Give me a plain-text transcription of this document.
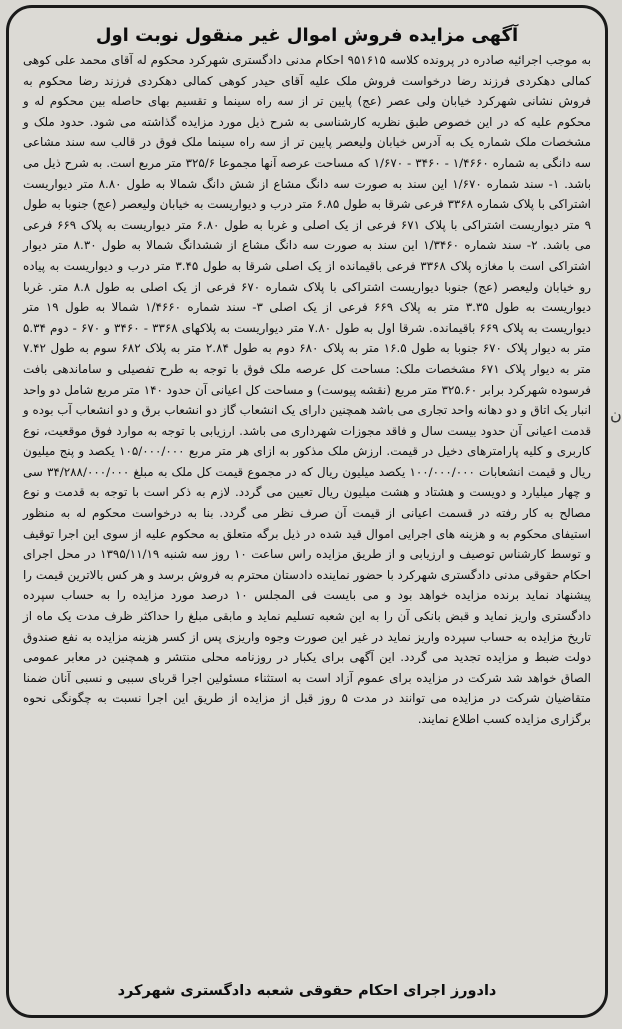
آگهی مزایده فروش اموال غیر منقول نوبت اول

به موجب اجرائیه صادره در پرونده کلاسه ۹۵۱۶۱۵ احکام مدنی دادگستری شهرکرد محکوم له آقای محمد علی کوهی کمالی دهکردی فرزند رضا درخواست فروش ملک علیه آقای حیدر کوهی کمالی دهکردی فرزند رضا محکوم به فروش نشانی شهرکرد خیابان ولی عصر (عج) پایین تر از سه راه سینما و تقسیم بهای حاصله بین محکوم له و محکوم علیه که در این خصوص طبق نظریه کارشناسی به شرح ذیل مورد مزایده گذاشته می شود. حدود ملک و مشخصات ملک شماره یک به آدرس خیابان ولیعصر پایین تر از سه راه سینما ملک فوق در قالب سه سند مشاعی سه دانگی به شماره ۱/۴۶۶۰ - ۳۴۶۰ - ۱/۶۷۰ که مساحت عرصه آنها مجموعا ۳۲۵/۶ متر مربع است. به شرح ذیل می باشد. ۱- سند شماره ۱/۶۷۰ این سند به صورت سه دانگ مشاع از شش دانگ شمالا به طول ۸.۸۰ متر دیواریست اشتراکی با پلاک شماره ۳۳۶۸ فرعی شرقا به طول ۶.۸۵ متر درب و دیواریست به خیابان ولیعصر (عج) جنوبا به طول ۹ متر دیواریست اشتراکی با پلاک ۶۷۱ فرعی از یک اصلی و غربا به طول ۶.۸۰ متر دیواریست به پلاک ۶۶۹ فرعی می باشد. ۲- سند شماره ۱/۳۴۶۰ این سند به صورت سه دانگ مشاع از ششدانگ شمالا به طول ۸.۳۰ متر دیوار اشتراکی است با مغازه پلاک ۳۳۶۸ فرعی باقیمانده از یک اصلی شرقا به طول ۳.۴۵ متر درب و دیواریست به پیاده رو خیابان ولیعصر (عج) جنوبا دیواریست اشتراکی با پلاک شماره ۶۷۰ فرعی از یک اصلی به طول ۸.۸ متر. غربا دیواریست به طول ۳.۳۵ متر به پلاک ۶۶۹ فرعی از یک اصلی ۳- سند شماره ۱/۴۶۶۰ شمالا به طول ۱۹ متر دیواریست به پلاک ۶۶۹ باقیمانده. شرقا اول به طول ۷.۸۰ متر دیواریست به پلاکهای ۳۳۶۸ - ۳۴۶۰ و ۶۷۰ - دوم ۵.۳۴ متر به دیوار پلاک ۶۷۰ جنوبا به طول ۱۶.۵ متر به پلاک ۶۸۰ دوم به طول ۲.۸۴ متر به پلاک ۶۸۲ سوم به طول ۷.۴۲ متر به دیوار پلاک ۶۷۱ مشخصات ملک: مساحت کل عرصه ملک فوق با توجه به طرح تفصیلی و ساماندهی بافت فرسوده شهرکرد برابر ۳۲۵.۶۰ متر مربع (نقشه پیوست) و مساحت کل اعیانی آن حدود ۱۴۰ متر مربع شامل دو واحد انبار یک اتاق و دو دهانه واحد تجاری می باشد همچنین دارای یک انشعاب گاز دو انشعاب برق و دو انشعاب آب بوده و قدمت اعیانی آن حدود بیست سال و فاقد مجوزات شهرداری می باشد. ارزیابی با توجه به موارد فوق موقعیت، نوع کاربری و کلیه پارامترهای دخیل در قیمت. ارزش ملک مذکور به ازای هر متر مربع ۱۰۵/۰۰۰/۰۰۰ یکصد و پنج میلیون ریال و قیمت انشعابات ۱۰۰/۰۰۰/۰۰۰ یکصد میلیون ریال که در مجموع قیمت کل ملک به مبلغ ۳۴/۲۸۸/۰۰۰/۰۰۰ سی و چهار میلیارد و دویست و هشتاد و هشت میلیون ریال تعیین می گردد. لازم به ذکر است با توجه به قدمت و نوع مصالح به کار رفته در قسمت اعیانی از قیمت آن صرف نظر می گردد. بنا به درخواست محکوم له به منظور استیفای محکوم به و هزینه های اجرایی اموال قید شده در ذیل برگه متعلق به محکوم علیه از سوی این اجرا توقیف و توسط کارشناس توصیف و ارزیابی و از طریق مزایده راس ساعت ۱۰ روز سه شنبه ۱۳۹۵/۱۱/۱۹ در محل اجرای احکام حقوقی مدنی دادگستری شهرکرد با حضور نماینده دادستان محترم به فروش برسد و هر کس بالاترین قیمت را پیشنهاد نماید برنده مزایده خواهد بود و می بایست فی المجلس ۱۰ درصد مورد مزایده را به حساب سپرده دادگستری واریز نماید و قبض بانکی آن را به این شعبه تسلیم نماید و مابقی مبلغ را حداکثر ظرف مدت یک ماه از تاریخ مزایده به حساب سپرده واریز نماید در غیر این صورت وجوه واریزی پس از کسر هزینه مزایده به نفع صندوق دولت ضبط و مزایده تجدید می گردد. این آگهی برای یکبار در روزنامه محلی منتشر و همچنین در معابر عمومی الصاق خواهد شد شرکت در مزایده برای عموم آزاد است به استثناء مسئولین اجرا قربای سببی و نسبی آنان ضمنا متقاضیان شرکت در مزایده می توانند در مدت ۵ روز قبل از مزایده از طریق این اجرا نسبت به چگونگی نحوه برگزاری مزایده کسب اطلاع نمایند.

دادورز اجرای احکام حقوقی شعبه دادگستری شهرکرد
ن
